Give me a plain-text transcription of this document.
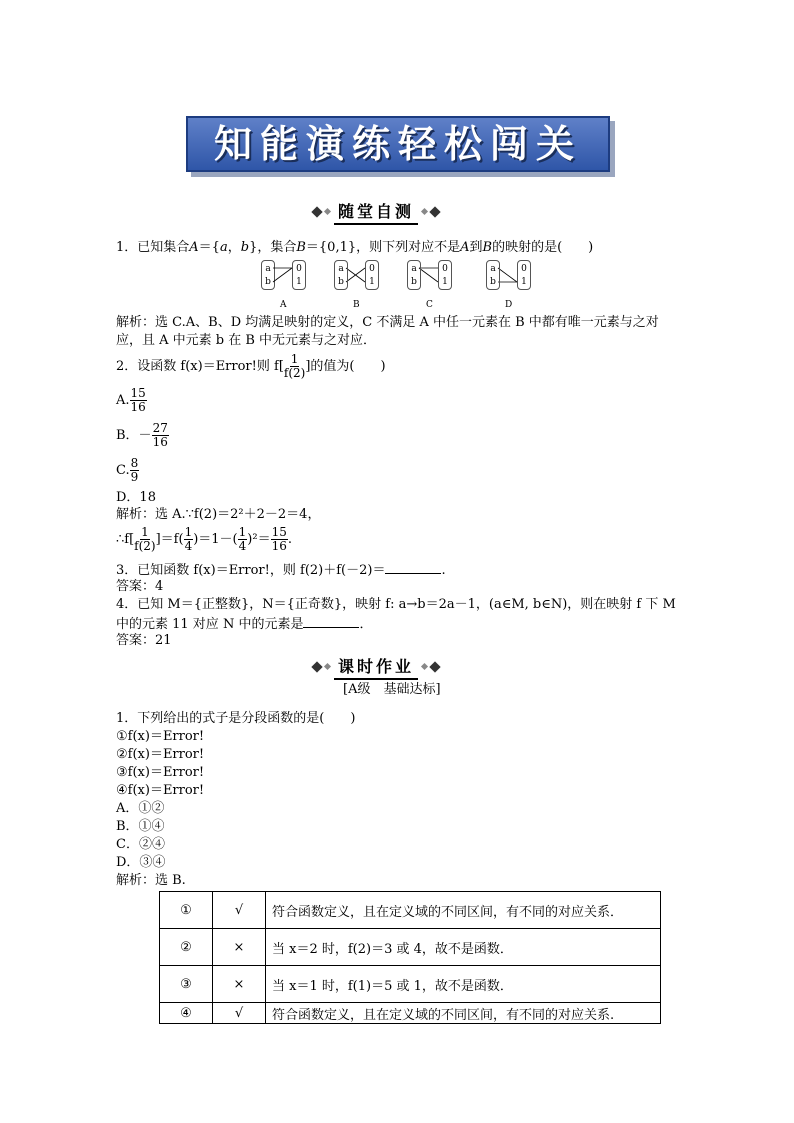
知能演练轻松闯关
随堂自测
1．已知集合A＝{a，b}，集合B＝{0,1}，则下列对应不是A到B的映射的是(　　)
a
b
0
1
A
a
b
0
1
B
a
b
0
1
C
a
b
0
1
D
解析：选 C.A、B、D 均满足映射的定义，C 不满足 A 中任一元素在 B 中都有唯一元素与之对
应，且 A 中元素 b 在 B 中无元素与之对应．
2．设函数 f(x)＝Error!则 $f[ \frac{1}{f(2)}$ ]的值为(　　)
A. $\frac{15}{16}$
B．－ $\frac{27}{16}$
C. $\frac{8}{9}$
D．18
解析：选 A.∵f(2)＝2²＋2－2＝4，
∴f[ $\frac{1}{f(2)} ]=f( \frac{1}{4} )=1-( \frac{1}{4} )^2= \frac{15}{16}$ .
3．已知函数 f(x)＝Error!，则 f(2)＋f(－2)＝	.
答案：4
4．已知 M＝{正整数}，N＝{正奇数}，映射 f: a→b＝2a－1，(a∈M, b∈N)，则在映射 f 下 M
中的元素 11 对应 N 中的元素是	．
答案：21
课时作业
[A级　基础达标]
1．下列给出的式子是分段函数的是(　　)
①f(x)＝Error!
②f(x)＝Error!
③f(x)＝Error!
④f(x)＝Error!
A．①②
B．①④
C．②④
D．③④
解析：选 B.
①	√	符合函数定义，且在定义域的不同区间，有不同的对应关系．
②	×	当 x＝2 时，f(2)＝3 或 4，故不是函数．
③	×	当 x＝1 时，f(1)＝5 或 1，故不是函数．
④	√	符合函数定义，且在定义域的不同区间，有不同的对应关系.
